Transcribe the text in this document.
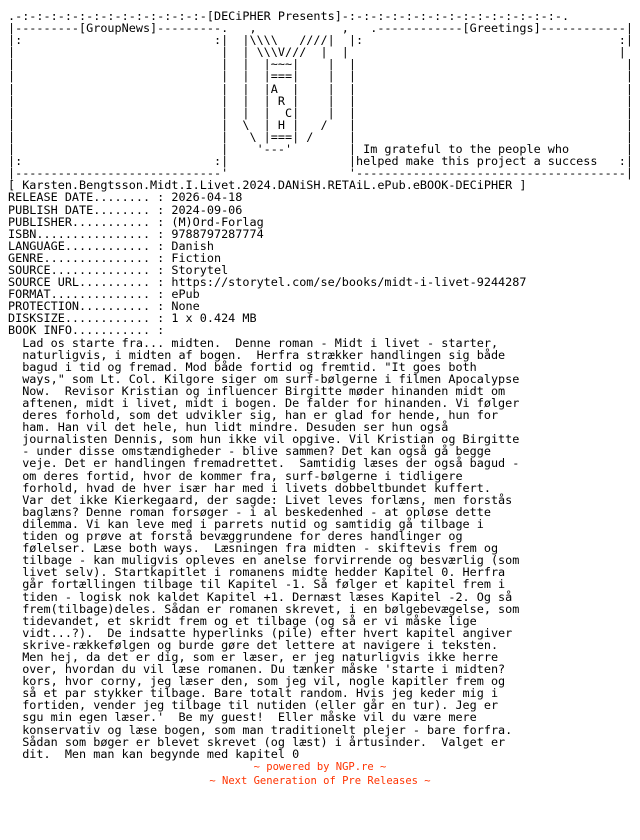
.-:-:-:-:-:-:-:-:-:-:-:-:-:-[DECiPHER Presents]-:-:-:-:-:-:-:-:-:-:-:-:-:-:-:-.
|---------[GroupNews]---------.   ,            ,   .------------[Greetings]------------|
|:                           :|  |\\\\   ////|  |:                                    :|
|                             |  | \\\V///  |  |                                      |
|                             |  |  |~~~|    |  |                                      |
|                             |  |  |===|    |  |                                      |
|                             |  |  |A  |    |  |                                      |
|                             |  |  | R |    |  |                                      |
|                             |  |  |  C|    |  |                                      |
|                             |  \  | H |   /   |                                      |
|                             |   \ |===| /     |                                      |
|                             |    '---'        | Im grateful to the people who        |
|:                           :|                 |helped make this project a success   :|
|-----------------------------'                 '--------------------------------------|
[ Karsten.Bengtsson.Midt.I.Livet.2024.DANiSH.RETAiL.ePub.eBOOK-DECiPHER ]
RELEASE DATE........ : 2026-04-18
PUBLISH DATE........ : 2024-09-06
PUBLISHER........... : (M)Ord-Forlag
ISBN................ : 9788797287774
LANGUAGE............ : Danish
GENRE............... : Fiction
SOURCE.............. : Storytel
SOURCE URL.......... : https://storytel.com/se/books/midt-i-livet-9244287
FORMAT.............. : ePub
PROTECTION.......... : None
DISKSIZE............ : 1 x 0.424 MB
BOOK INFO........... :
Lad os starte fra... midten.  Denne roman - Midt i livet - starter,
naturligvis, i midten af bogen.  Herfra strækker handlingen sig både
bagud i tid og fremad. Mod både fortid og fremtid. "It goes both
ways," som Lt. Col. Kilgore siger om surf-bølgerne i filmen Apocalypse
Now.  Revisor Kristian og influencer Birgitte møder hinanden midt om
aftenen, midt i livet, midt i bogen. De falder for hinanden. Vi følger
deres forhold, som det udvikler sig, han er glad for hende, hun for
ham. Han vil det hele, hun lidt mindre. Desuden ser hun også
journalisten Dennis, som hun ikke vil opgive. Vil Kristian og Birgitte
- under disse omstændigheder - blive sammen? Det kan også gå begge
veje. Det er handlingen fremadrettet.  Samtidig læses der også bagud -
om deres fortid, hvor de kommer fra, surf-bølgerne i tidligere
forhold, hvad de hver især har med i livets dobbeltbundet kuffert.
Var det ikke Kierkegaard, der sagde: Livet leves forlæns, men forstås
baglæns? Denne roman forsøger - i al beskedenhed - at opløse dette
dilemma. Vi kan leve med i parrets nutid og samtidig gå tilbage i
tiden og prøve at forstå bevæggrundene for deres handlinger og
følelser. Læse both ways.  Læsningen fra midten - skiftevis frem og
tilbage - kan muligvis opleves en anelse forvirrende og besværlig (som
livet selv). Startkapitlet i romanens midte hedder Kapitel 0. Herfra
går fortællingen tilbage til Kapitel -1. Så følger et kapitel frem i
tiden - logisk nok kaldet Kapitel +1. Dernæst læses Kapitel -2. Og så
frem(tilbage)deles. Sådan er romanen skrevet, i en bølgebevægelse, som
tidevandet, et skridt frem og et tilbage (og så er vi måske lige
vidt...?).  De indsatte hyperlinks (pile) efter hvert kapitel angiver
skrive-rækkefølgen og burde gøre det lettere at navigere i teksten.
Men hej, da det er dig, som er læser, er jeg naturligvis ikke herre
over, hvordan du vil læse romanen. Du tænker måske 'starte i midten?
kors, hvor corny, jeg læser den, som jeg vil, nogle kapitler frem og
så et par stykker tilbage. Bare totalt random. Hvis jeg keder mig i
fortiden, vender jeg tilbage til nutiden (eller går en tur). Jeg er
sgu min egen læser.'  Be my guest!  Eller måske vil du være mere
konservativ og læse bogen, som man traditionelt plejer - bare forfra.
Sådan som bøger er blevet skrevet (og læst) i årtusinder.  Valget er
dit.  Men man kan begynde med kapitel 0
~ powered by NGP.re ~
~ Next Generation of Pre Releases ~
